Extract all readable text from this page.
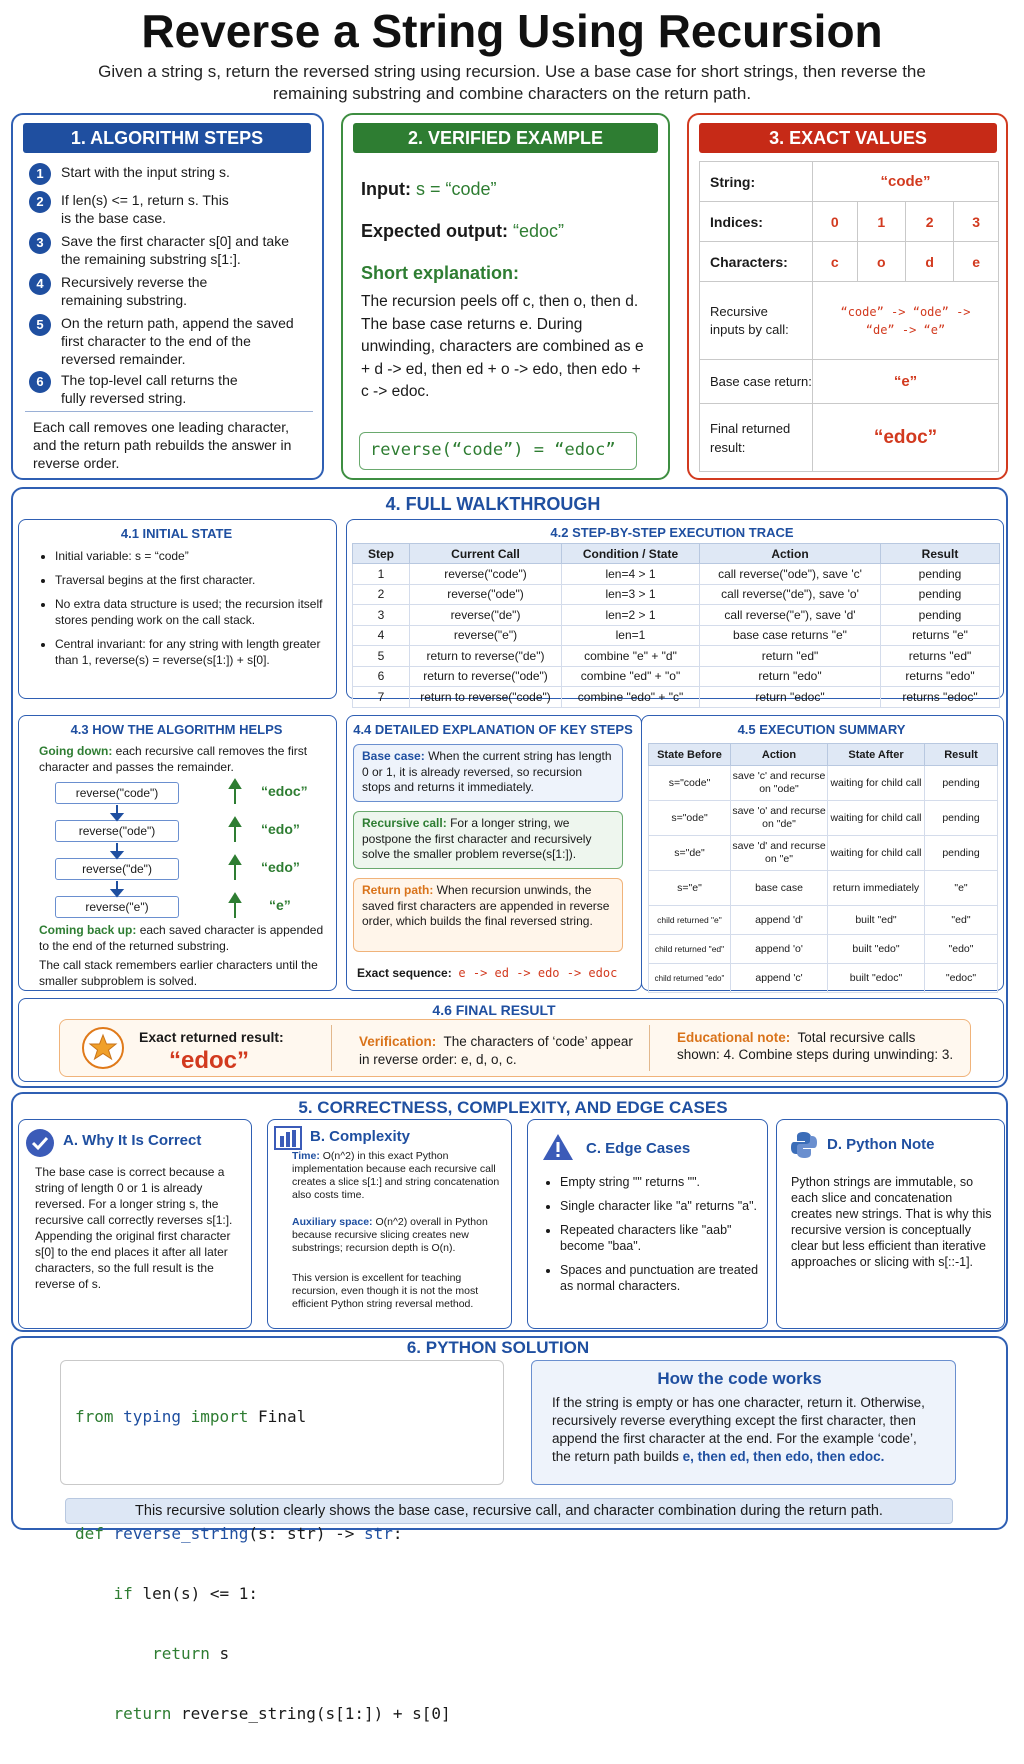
Reverse a String Using Recursion
Given a string s, return the reversed string using recursion. Use a base case for short strings, then reverse the remaining substring and combine characters on the return path.
1. ALGORITHM STEPS
1	Start with the input string s.
2	If len(s) <= 1, return s. This is the base case.
3	Save the first character s[0] and take the remaining substring s[1:].
4	Recursively reverse the remaining substring.
5	On the return path, append the saved first character to the end of the reversed remainder.
6	The top-level call returns the fully reversed string.
Each call removes one leading character, and the return path rebuilds the answer in reverse order.
2. VERIFIED EXAMPLE
Input: s = “code”
Expected output: “edoc”
Short explanation:
The recursion peels off c, then o, then d. The base case returns e. During unwinding, characters are combined as e + d -> ed, then ed + o -> edo, then edo + c -> edoc.
reverse(“code”) = “edoc”
3. EXACT VALUES
String:	“code”			
Indices:	0	1	2	3
Characters:	c	o	d	e
Recursive inputs by call:	“code” -> “ode” ->
“de” -> “e”			

Base case return:	“e”			
Final returned result:	“edoc”			
4. FULL WALKTHROUGH
4.1 INITIAL STATE
• Initial variable: s = “code”
• Traversal begins at the first character.
• No extra data structure is used; the recursion itself stores pending work on the call stack.
• Central invariant: for any string with length greater than 1, reverse(s) = reverse(s[1:]) + s[0].
4.2 STEP-BY-STEP EXECUTION TRACE
Step	Current Call	Condition / State	Action	Result
1	reverse("code")	len=4 > 1	call reverse("ode"), save 'c'	pending
2	reverse("ode")	len=3 > 1	call reverse("de"), save 'o'	pending
3	reverse("de")	len=2 > 1	call reverse("e"), save 'd'	pending
4	reverse("e")	len=1	base case returns "e"	returns "e"
5	return to reverse("de")	combine "e" + "d"	return "ed"	returns "ed"
6	return to reverse("ode")	combine "ed" + "o"	return "edo"	returns "edo"
7	return to reverse("code")	combine "edo" + "c"	return "edoc"	returns "edoc"
4.3 HOW THE ALGORITHM HELPS
Going down: each recursive call removes the first character and passes the remainder.
reverse("code")
reverse("ode")
reverse("de")
reverse("e")
“edoc”
“edo”
“edo”
“e”
Coming back up: each saved character is appended to the end of the returned substring.
The call stack remembers earlier characters until the smaller subproblem is solved.
4.4 DETAILED EXPLANATION OF KEY STEPS
Base case: When the current string has length 0 or 1, it is already reversed, so recursion stops and returns it immediately.
Recursive call: For a longer string, we postpone the first character and recursively solve the smaller problem reverse(s[1:]).
Return path: When recursion unwinds, the saved first characters are appended in reverse order, which builds the final reversed string.
Exact sequence: e -> ed -> edo -> edoc
4.5 EXECUTION SUMMARY
State Before	Action	State After	Result
s="code"	save 'c' and recurse on "ode"	waiting for child call	pending
s="ode"	save 'o' and recurse on "de"	waiting for child call	pending
s="de"	save 'd' and recurse on "e"	waiting for child call	pending
s="e"	base case	return immediately	"e"
child returned "e"	append 'd'	built "ed"	"ed"
child returned "ed"	append 'o'	built "edo"	"edo"
child returned "edo"	append 'c'	built "edoc"	"edoc"
4.6 FINAL RESULT
Exact returned result:
“edoc”
Verification: The characters of ‘code’ appear in reverse order: e, d, o, c.
Educational note: Total recursive calls shown: 4. Combine steps during unwinding: 3.
5. CORRECTNESS, COMPLEXITY, AND EDGE CASES
A. Why It Is Correct

The base case is correct because a string of length 0 or 1 is already reversed. For a longer string s, the recursive call correctly reverses s[1:]. Appending the original first character s[0] to the end places it after all later characters, so the full result is the reverse of s.

B. Complexity
Time: O(n^2) in this exact Python implementation because each recursive call creates a slice s[1:] and string concatenation also costs time.
Auxiliary space: O(n^2) overall in Python because recursive slicing creates new substrings; recursion depth is O(n).
This version is excellent for teaching recursion, even though it is not the most efficient Python string reversal method.
C. Edge Cases
• Empty string "" returns "".
• Single character like "a" returns "a".
• Repeated characters like "aab" become "baa".
• Spaces and punctuation are treated as normal characters.
D. Python Note

Python strings are immutable, so each slice and concatenation creates new strings. That is why this recursive version is conceptually clear but less efficient than iterative approaches or slicing with s[::-1].

6. PYTHON SOLUTION

from typing import Final

def reverse_string(s: str) -> str:

if len(s) <= 1:

return s

return reverse_string(s[1:]) + s[0]

How the code works
If the string is empty or has one character, return it. Otherwise, recursively reverse everything except the first character, then append the first character at the end. For the example ‘code’, the return path builds e, then ed, then edo, then edoc.
This recursive solution clearly shows the base case, recursive call, and character combination during the return path.
